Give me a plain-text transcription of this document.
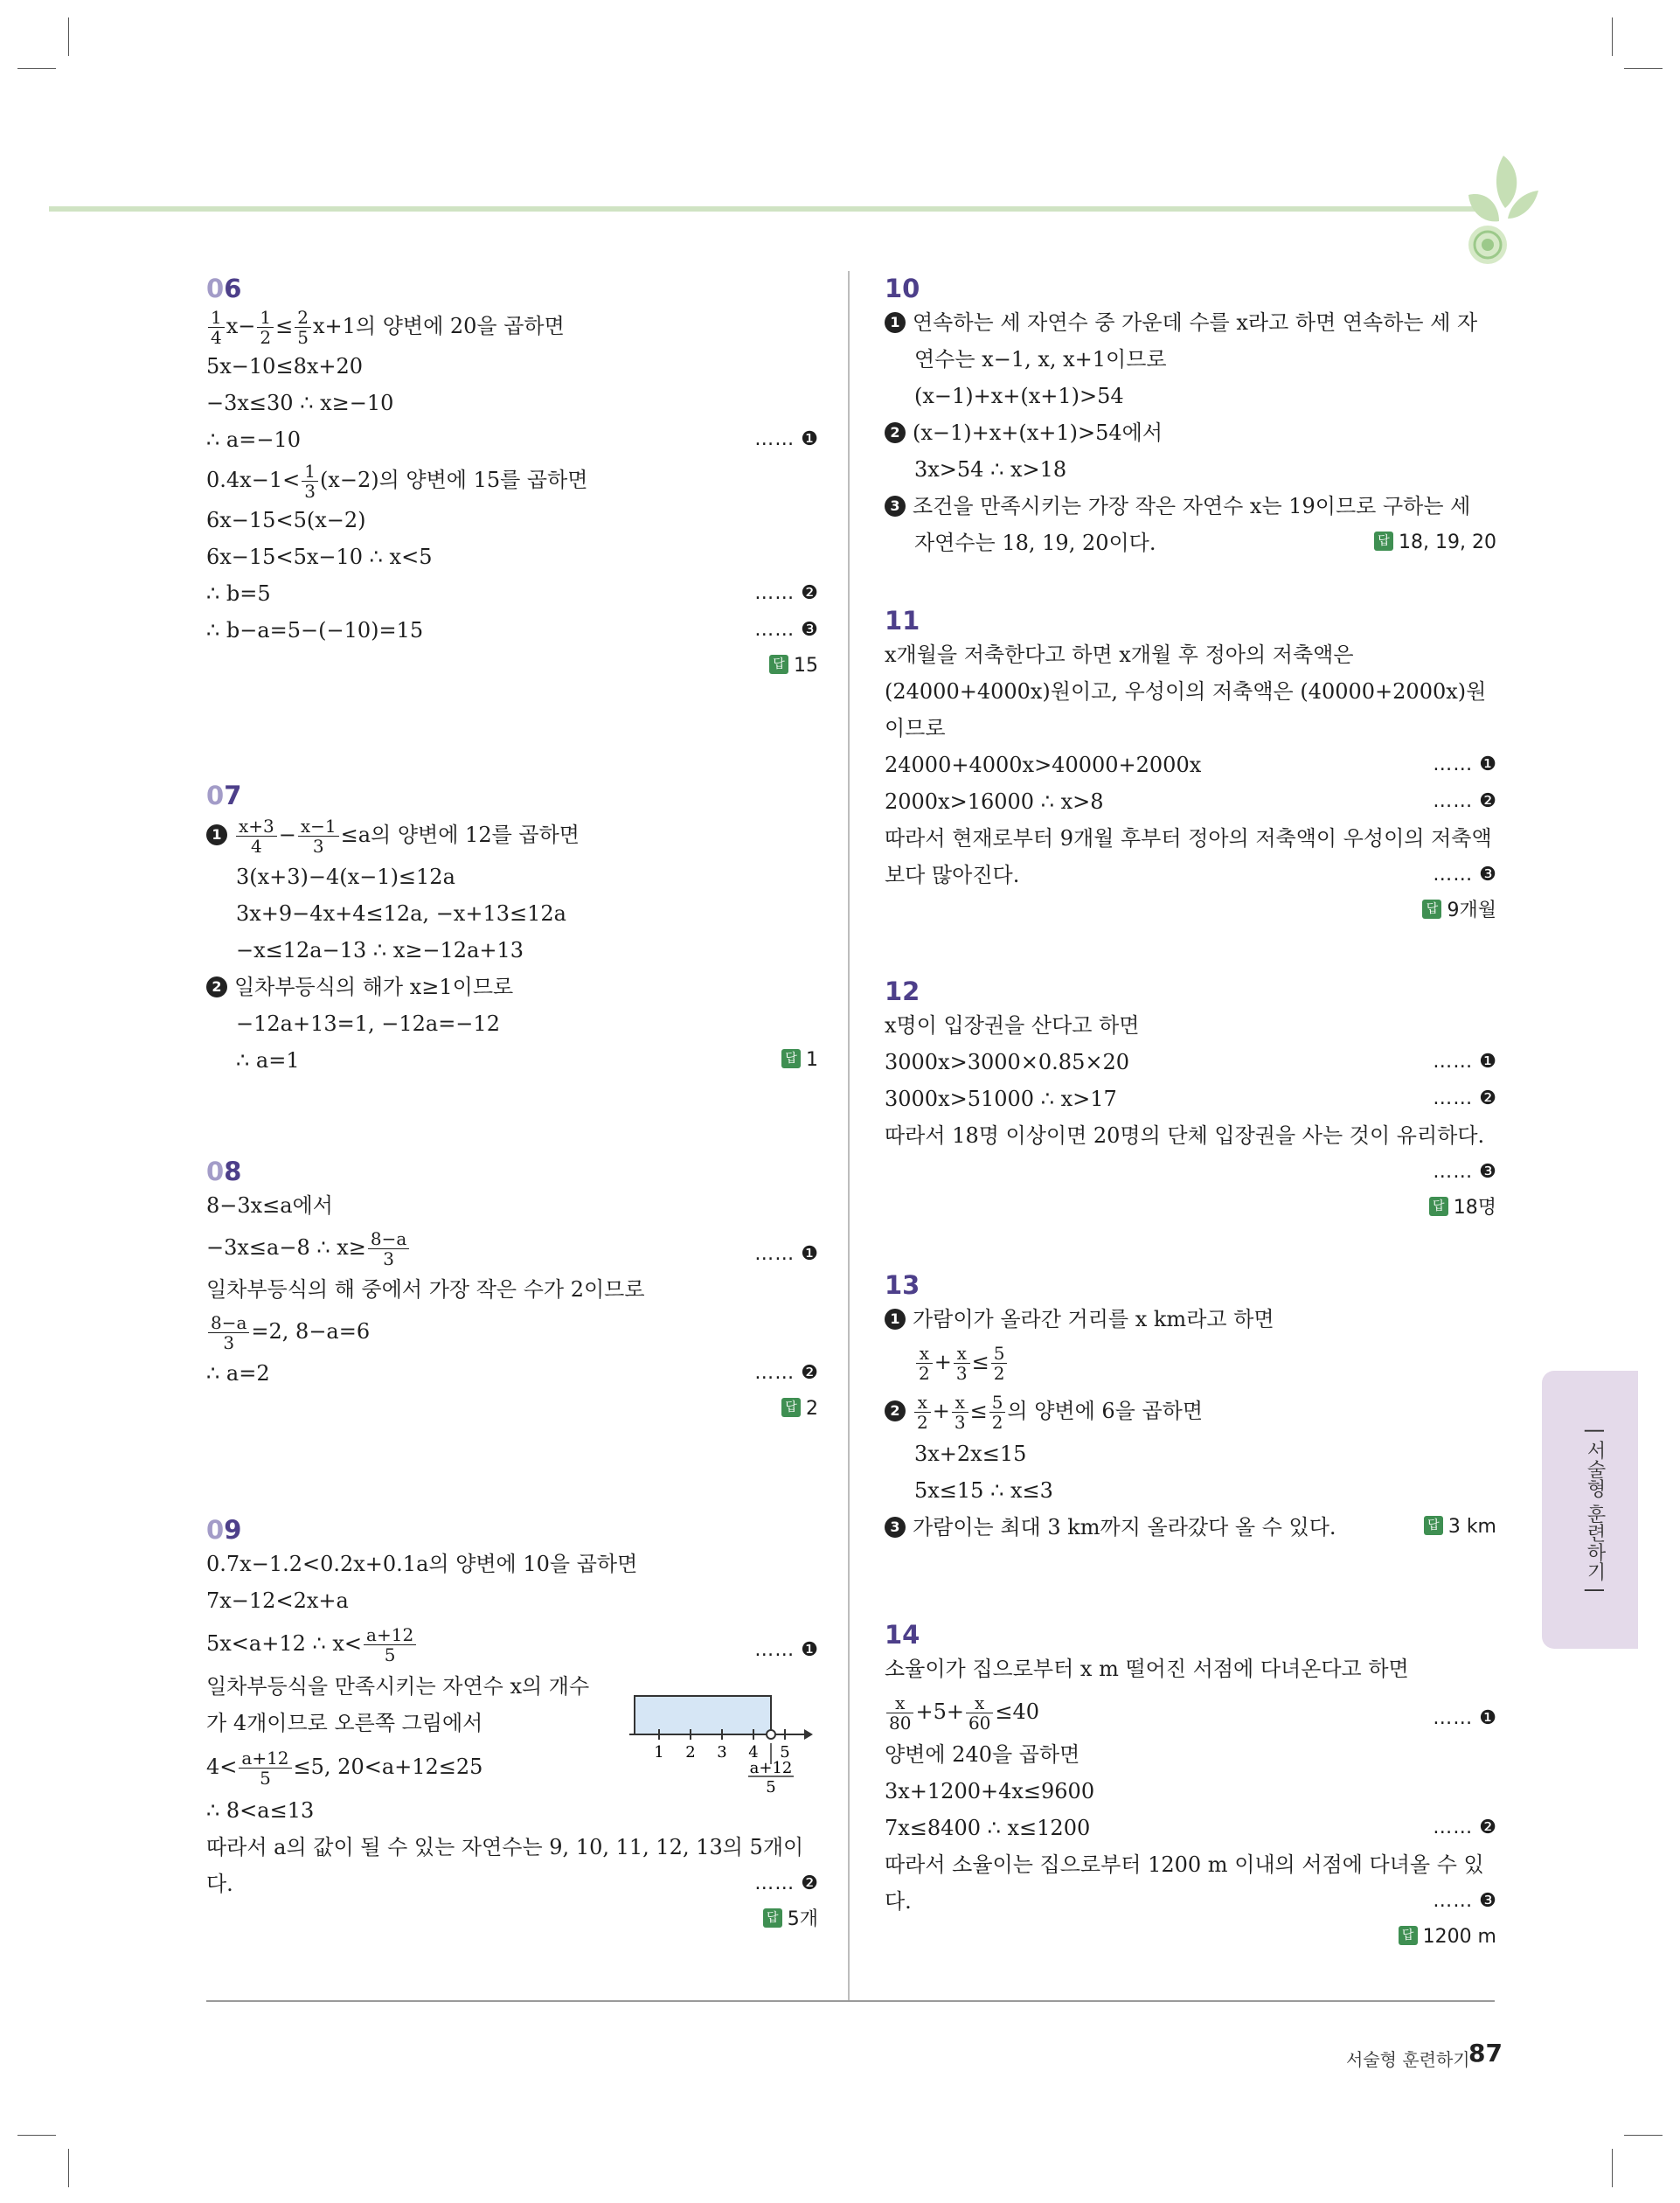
06
$\frac{1}{4} x- \frac{1}{2} \le \frac{2}{5} x+1$의 양변에 20을 곱하면
5x−10≤8x+20
−3x≤30 ∴ x≥−10
∴ a=−10	…… ❶
$0.4x-1< \frac{1}{3} (x-2)$의 양변에 15를 곱하면
6x−15<5(x−2)
6x−15<5x−10 ∴ x<5
∴ b=5	…… ❷
∴ b−a=5−(−10)=15	…… ❸
답 15
07
$1 \frac{x+3}{4} - \frac{x-1}{3} \le a$의 양변에 12를 곱하면
3(x+3)−4(x−1)≤12a
3x+9−4x+4≤12a, −x+13≤12a
−x≤12a−13 ∴ x≥−12a+13
2 일차부등식의 해가 x≥1이므로
−12a+13=1, −12a=−12
∴ a=1	답 1
08
8−3x≤a에서
−3x≤a−8 ∴ $x\ge \frac{8-a}{3}$	…… ❶
일차부등식의 해 중에서 가장 작은 수가 2이므로
$\frac{8-a}{3} =2$, 8−a=6
∴ a=2	…… ❷
답 2
09
0.7x−1.2<0.2x+0.1a의 양변에 10을 곱하면
7x−12<2x+a
5x<a+12 ∴ $x< \frac{a+12}{5}$	…… ❶
일차부등식을 만족시키는 자연수 x의 개수
가 4개이므로 오른쪽 그림에서
$4< \frac{a+12}{5} \le 5$, 20<a+12≤25
∴ 8<a≤13
따라서 a의 값이 될 수 있는 자연수는 9, 10, 11, 12, 13의 5개이
다.	…… ❷
답 5개
1 2 3 4 5
a+12
5
10
1 연속하는 세 자연수 중 가운데 수를 x라고 하면 연속하는 세 자
연수는 x−1, x, x+1이므로
(x−1)+x+(x+1)>54
2 (x−1)+x+(x+1)>54에서
3x>54 ∴ x>18
3 조건을 만족시키는 가장 작은 자연수 x는 19이므로 구하는 세
자연수는 18, 19, 20이다.	답 18, 19, 20
11
x개월을 저축한다고 하면 x개월 후 정아의 저축액은
(24000+4000x)원이고, 우성이의 저축액은 (40000+2000x)원
이므로
24000+4000x>40000+2000x	…… ❶
2000x>16000 ∴ x>8	…… ❷
따라서 현재로부터 9개월 후부터 정아의 저축액이 우성이의 저축액
보다 많아진다.	…… ❸
답 9개월
12
x명이 입장권을 산다고 하면
3000x>3000×0.85×20	…… ❶
3000x>51000 ∴ x>17	…… ❷
따라서 18명 이상이면 20명의 단체 입장권을 사는 것이 유리하다.

…… ❸
답 18명
13
1 가람이가 올라간 거리를 x km라고 하면
$\frac{x}{2} + \frac{x}{3} \le \frac{5}{2}$
$2 \frac{x}{2} + \frac{x}{3} \le \frac{5}{2}$ 의 양변에 6을 곱하면
3x+2x≤15
5x≤15 ∴ x≤3
3 가람이는 최대 3 km까지 올라갔다 올 수 있다.	답 3 km
14
소율이가 집으로부터 x m 떨어진 서점에 다녀온다고 하면
$\frac{x}{80} +5+ \frac{x}{60} \le 40$	…… ❶
양변에 240을 곱하면
3x+1200+4x≤9600
7x≤8400 ∴ x≤1200	…… ❷
따라서 소율이는 집으로부터 1200 m 이내의 서점에 다녀올 수 있
다.	…… ❸
답 1200 m
| 서술형 훈련하기 |
서술형 훈련하기
87
